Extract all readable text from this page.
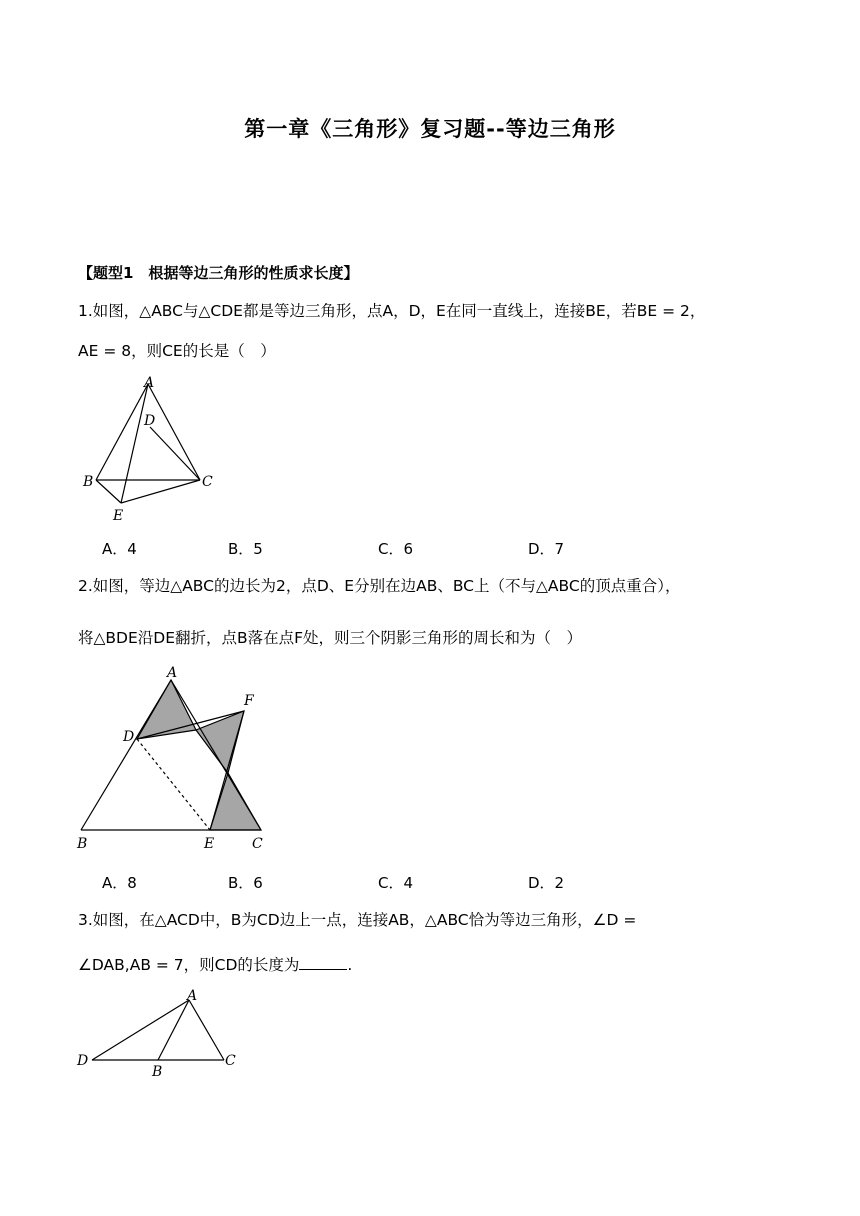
第一章《三角形》复习题--等边三角形
【题型1　根据等边三角形的性质求长度】
1.如图，△ABC与△CDE都是等边三角形，点A，D，E在同一直线上，连接BE，若BE = 2，
AE = 8，则CE的长是（　）
A
D
B	C
E
A．4	B．5	C．6	D．7
2.如图，等边△ABC的边长为2，点D、E分别在边AB、BC上（不与△ABC的顶点重合），
将△BDE沿DE翻折，点B落在点F处，则三个阴影三角形的周长和为（　）
A
F
D
B	E	C
A．8	B．6	C．4	D．2
3.如图，在△ACD中，B为CD边上一点，连接AB，△ABC恰为等边三角形，∠D =
∠DAB,AB = 7，则CD的长度为	.
A
D
B
C
